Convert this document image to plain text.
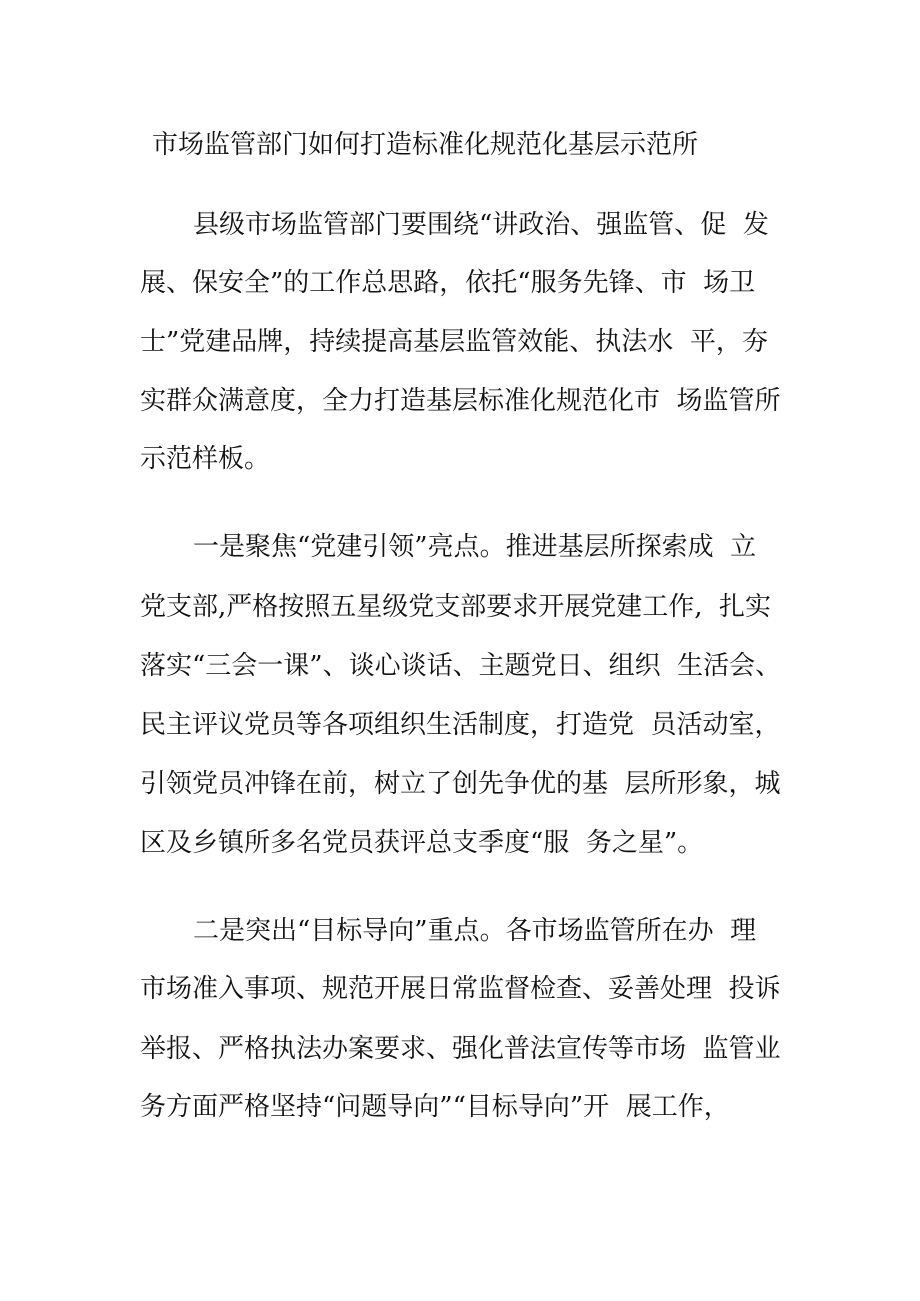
市场监管部门如何打造标准化规范化基层示范所
县级市场监管部门要围绕“讲政治、强监管、促  发
展、保安全”的工作总思路，依托“服务先锋、市  场卫
士”党建品牌，持续提高基层监管效能、执法水  平，夯
实群众满意度，全力打造基层标准化规范化市  场监管所
示范样板。
一是聚焦“党建引领”亮点。推进基层所探索成  立
党支部,严格按照五星级党支部要求开展党建工作,  扎实
落实“三会一课”、谈心谈话、主题党日、组织  生活会、
民主评议党员等各项组织生活制度，打造党  员活动室，
引领党员冲锋在前，树立了创先争优的基  层所形象，城
区及乡镇所多名党员获评总支季度“服  务之星”。
二是突出“目标导向”重点。各市场监管所在办  理
市场准入事项、规范开展日常监督检查、妥善处理  投诉
举报、严格执法办案要求、强化普法宣传等市场  监管业
务方面严格坚持“问题导向”“目标导向”开  展工作，
